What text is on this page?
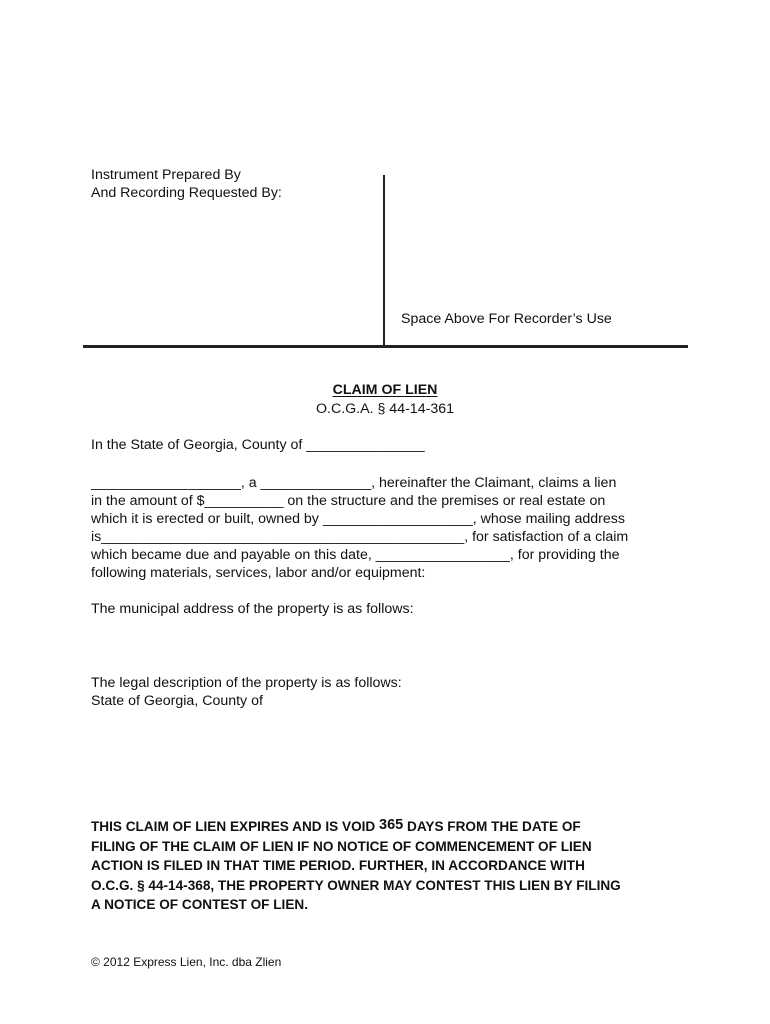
Instrument Prepared By
And Recording Requested By:
Space Above For Recorder’s Use
CLAIM OF LIEN
O.C.G.A. § 44-14-361
In the State of Georgia, County of _______________
___________________, a ______________, hereinafter the Claimant, claims a lien
in the amount of $__________ on the structure and the premises or real estate on
which it is erected or built, owned by ___________________, whose mailing address
is______________________________________________, for satisfaction of a claim
which became due and payable on this date, _________________, for providing the
following materials, services, labor and/or equipment:
The municipal address of the property is as follows:
The legal description of the property is as follows:
State of Georgia, County of
THIS CLAIM OF LIEN EXPIRES AND IS VOID 365 DAYS FROM THE DATE OF
FILING OF THE CLAIM OF LIEN IF NO NOTICE OF COMMENCEMENT OF LIEN
ACTION IS FILED IN THAT TIME PERIOD. FURTHER, IN ACCORDANCE WITH
O.C.G. § 44-14-368, THE PROPERTY OWNER MAY CONTEST THIS LIEN BY FILING
A NOTICE OF CONTEST OF LIEN.
© 2012 Express Lien, Inc. dba Zlien
